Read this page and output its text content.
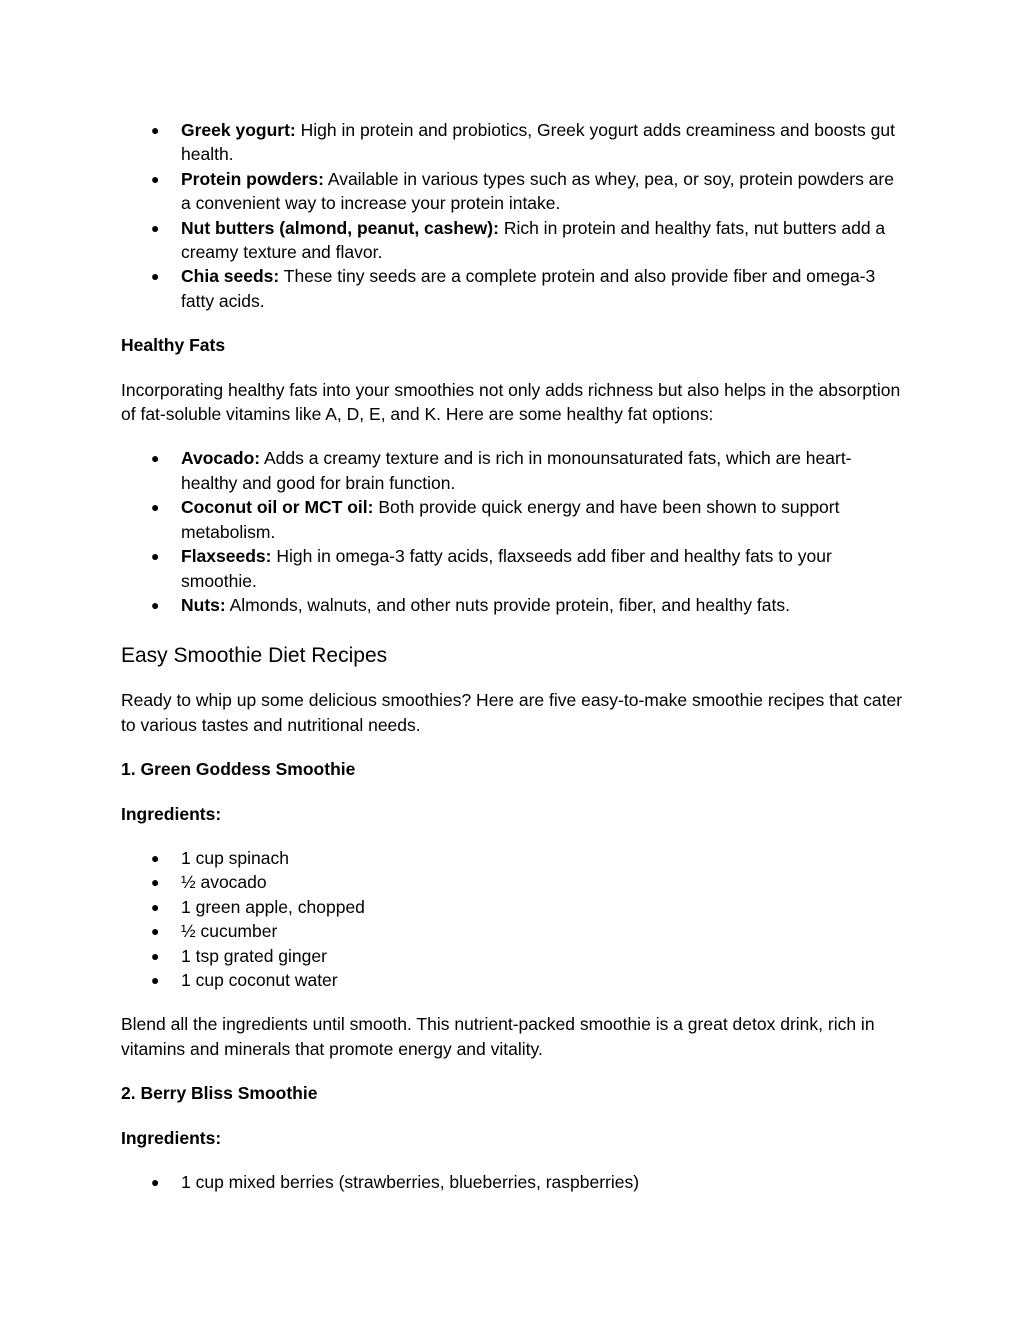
● Greek yogurt: High in protein and probiotics, Greek yogurt adds creaminess and boosts gut health.
● Protein powders: Available in various types such as whey, pea, or soy, protein powders are a convenient way to increase your protein intake.
● Nut butters (almond, peanut, cashew): Rich in protein and healthy fats, nut butters add a creamy texture and flavor.
● Chia seeds: These tiny seeds are a complete protein and also provide fiber and omega-3 fatty acids.

Healthy Fats

Incorporating healthy fats into your smoothies not only adds richness but also helps in the absorption of fat-soluble vitamins like A, D, E, and K. Here are some healthy fat options:

● Avocado: Adds a creamy texture and is rich in monounsaturated fats, which are heart-healthy and good for brain function.
● Coconut oil or MCT oil: Both provide quick energy and have been shown to support metabolism.
● Flaxseeds: High in omega-3 fatty acids, flaxseeds add fiber and healthy fats to your smoothie.
● Nuts: Almonds, walnuts, and other nuts provide protein, fiber, and healthy fats.
Easy Smoothie Diet Recipes

Ready to whip up some delicious smoothies? Here are five easy-to-make smoothie recipes that cater to various tastes and nutritional needs.

1. Green Goddess Smoothie

Ingredients:

● 1 cup spinach
● ½ avocado
● 1 green apple, chopped
● ½ cucumber
● 1 tsp grated ginger
● 1 cup coconut water

Blend all the ingredients until smooth. This nutrient-packed smoothie is a great detox drink, rich in vitamins and minerals that promote energy and vitality.

2. Berry Bliss Smoothie

Ingredients:

● 1 cup mixed berries (strawberries, blueberries, raspberries)
